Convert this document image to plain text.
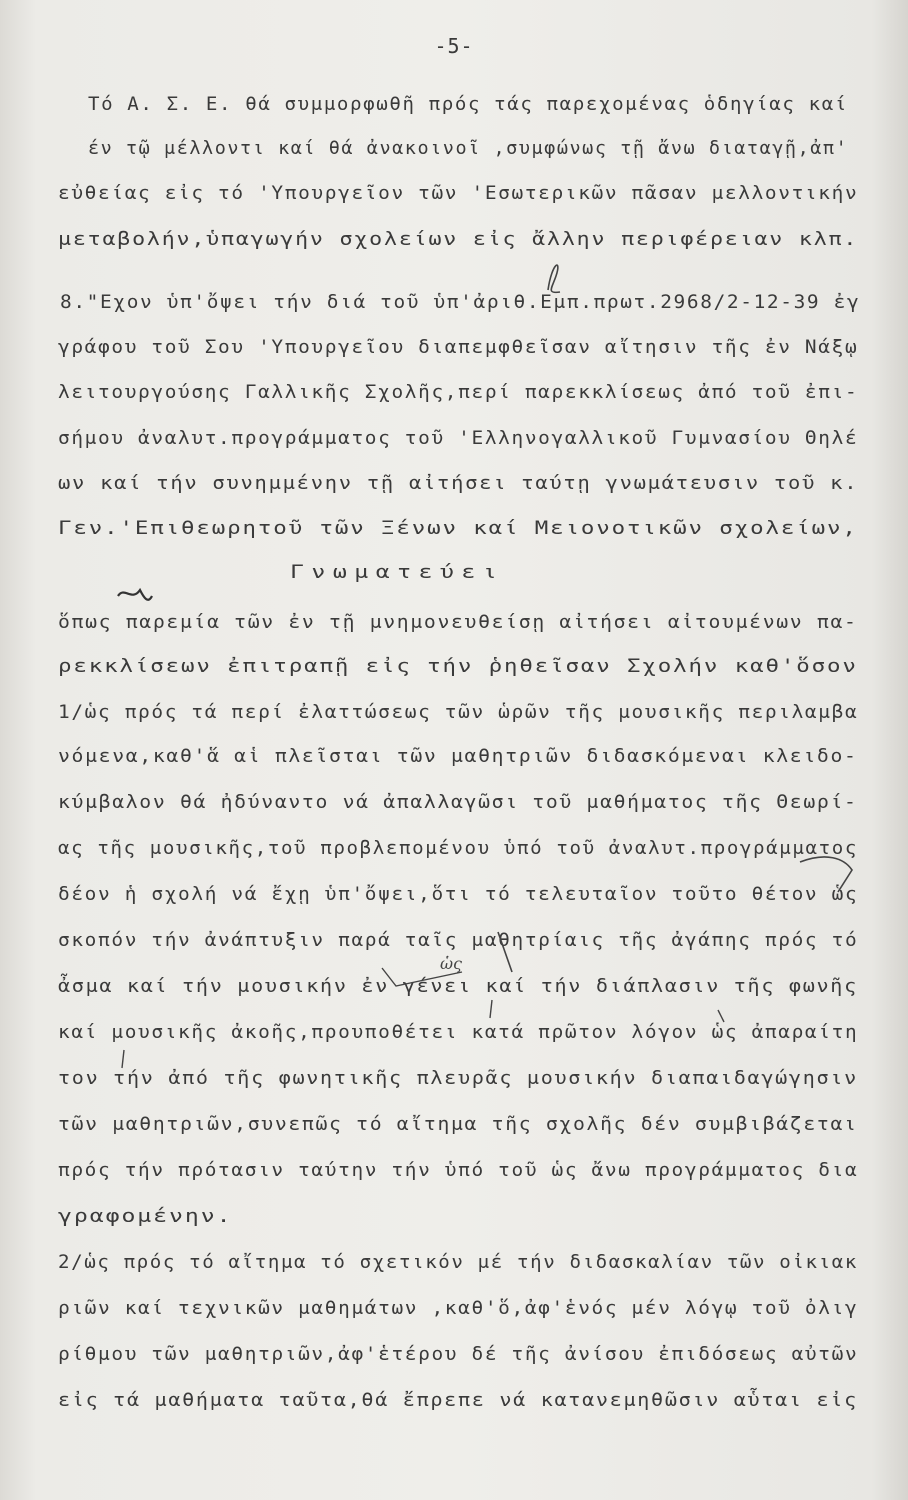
-5-
Τό Α. Σ. Ε. θά συμμορφωθῆ πρός τάς παρεχομένας ὁδηγίας καί
έν τῷ μέλλοντι καί θά ἀνακοινοῖ ,συμφώνως τῇ ἄνω διαταγῇ,ἀπ'
εὐθείας εἰς τό 'Υπουργεῖον τῶν 'Εσωτερικῶν πᾶσαν μελλοντικήν
μεταβολήν,ὑπαγωγήν σχολείων εἰς ἄλλην περιφέρειαν κλπ.
8."Εχον ὑπ'ὄψει τήν διά τοῦ ὑπ'ἀριθ.Εμπ.πρωτ.2968/2-12-39 ἐγ
γράφου τοῦ Σου 'Υπουργεῖου διαπεμφθεῖσαν αἴτησιν τῆς ἐν Νάξῳ
λειτουργούσης Γαλλικῆς Σχολῆς,περί παρεκκλίσεως ἀπό τοῦ ἐπι-
σήμου ἀναλυτ.προγράμματος τοῦ 'Ελληνογαλλικοῦ Γυμνασίου Θηλέ
ων καί τήν συνημμένην τῇ αἰτήσει ταύτῃ γνωμάτευσιν τοῦ κ.
Γεν.'Επιθεωρητοῦ τῶν Ξένων καί Μειονοτικῶν σχολείων,
Γνωματεύει
ὅπως παρεμία τῶν ἐν τῇ μνημονευθείσῃ αἰτήσει αἰτουμένων πα-
ρεκκλίσεων ἐπιτραπῇ εἰς τήν ῥηθεῖσαν Σχολήν καθ'ὅσον
1/ὡς πρός τά περί ἐλαττώσεως τῶν ὡρῶν τῆς μουσικῆς περιλαμβα
νόμενα,καθ'ἅ αἱ πλεῖσται τῶν μαθητριῶν διδασκόμεναι κλειδο-
κύμβαλον θά ἠδύναντο νά ἀπαλλαγῶσι τοῦ μαθήματος τῆς Θεωρί-
ας τῆς μουσικῆς,τοῦ προβλεπομένου ὑπό τοῦ ἀναλυτ.προγράμματος
δέον ἡ σχολή νά ἔχῃ ὑπ'ὄψει,ὅτι τό τελευταῖον τοῦτο θέτον ὡς
σκοπόν τήν ἀνάπτυξιν παρά ταῖς μαθητρίαις τῆς ἀγάπης πρός τό
ἆσμα καί τήν μουσικήν ἐν γένει καί τήν διάπλασιν τῆς φωνῆς
καί μουσικῆς ἀκοῆς,προυποθέτει κατά πρῶτον λόγον ὡς ἀπαραίτη
τον τήν ἀπό τῆς φωνητικῆς πλευρᾶς μουσικήν διαπαιδαγώγησιν
τῶν μαθητριῶν,συνεπῶς τό αἴτημα τῆς σχολῆς δέν συμβιβάζεται
πρός τήν πρότασιν ταύτην τήν ὑπό τοῦ ὡς ἄνω προγράμματος δια
γραφομένην.
2/ὡς πρός τό αἴτημα τό σχετικόν μέ τήν διδασκαλίαν τῶν οἰκιακ
ριῶν καί τεχνικῶν μαθημάτων ,καθ'ὅ,ἀφ'ἑνός μέν λόγῳ τοῦ ὀλιγ
ρίθμου τῶν μαθητριῶν,ἀφ'ἑτέρου δέ τῆς ἀνίσου ἐπιδόσεως αὐτῶν
εἰς τά μαθήματα ταῦτα,θά ἔπρεπε νά κατανεμηθῶσιν αὗται εἰς
ὡς
